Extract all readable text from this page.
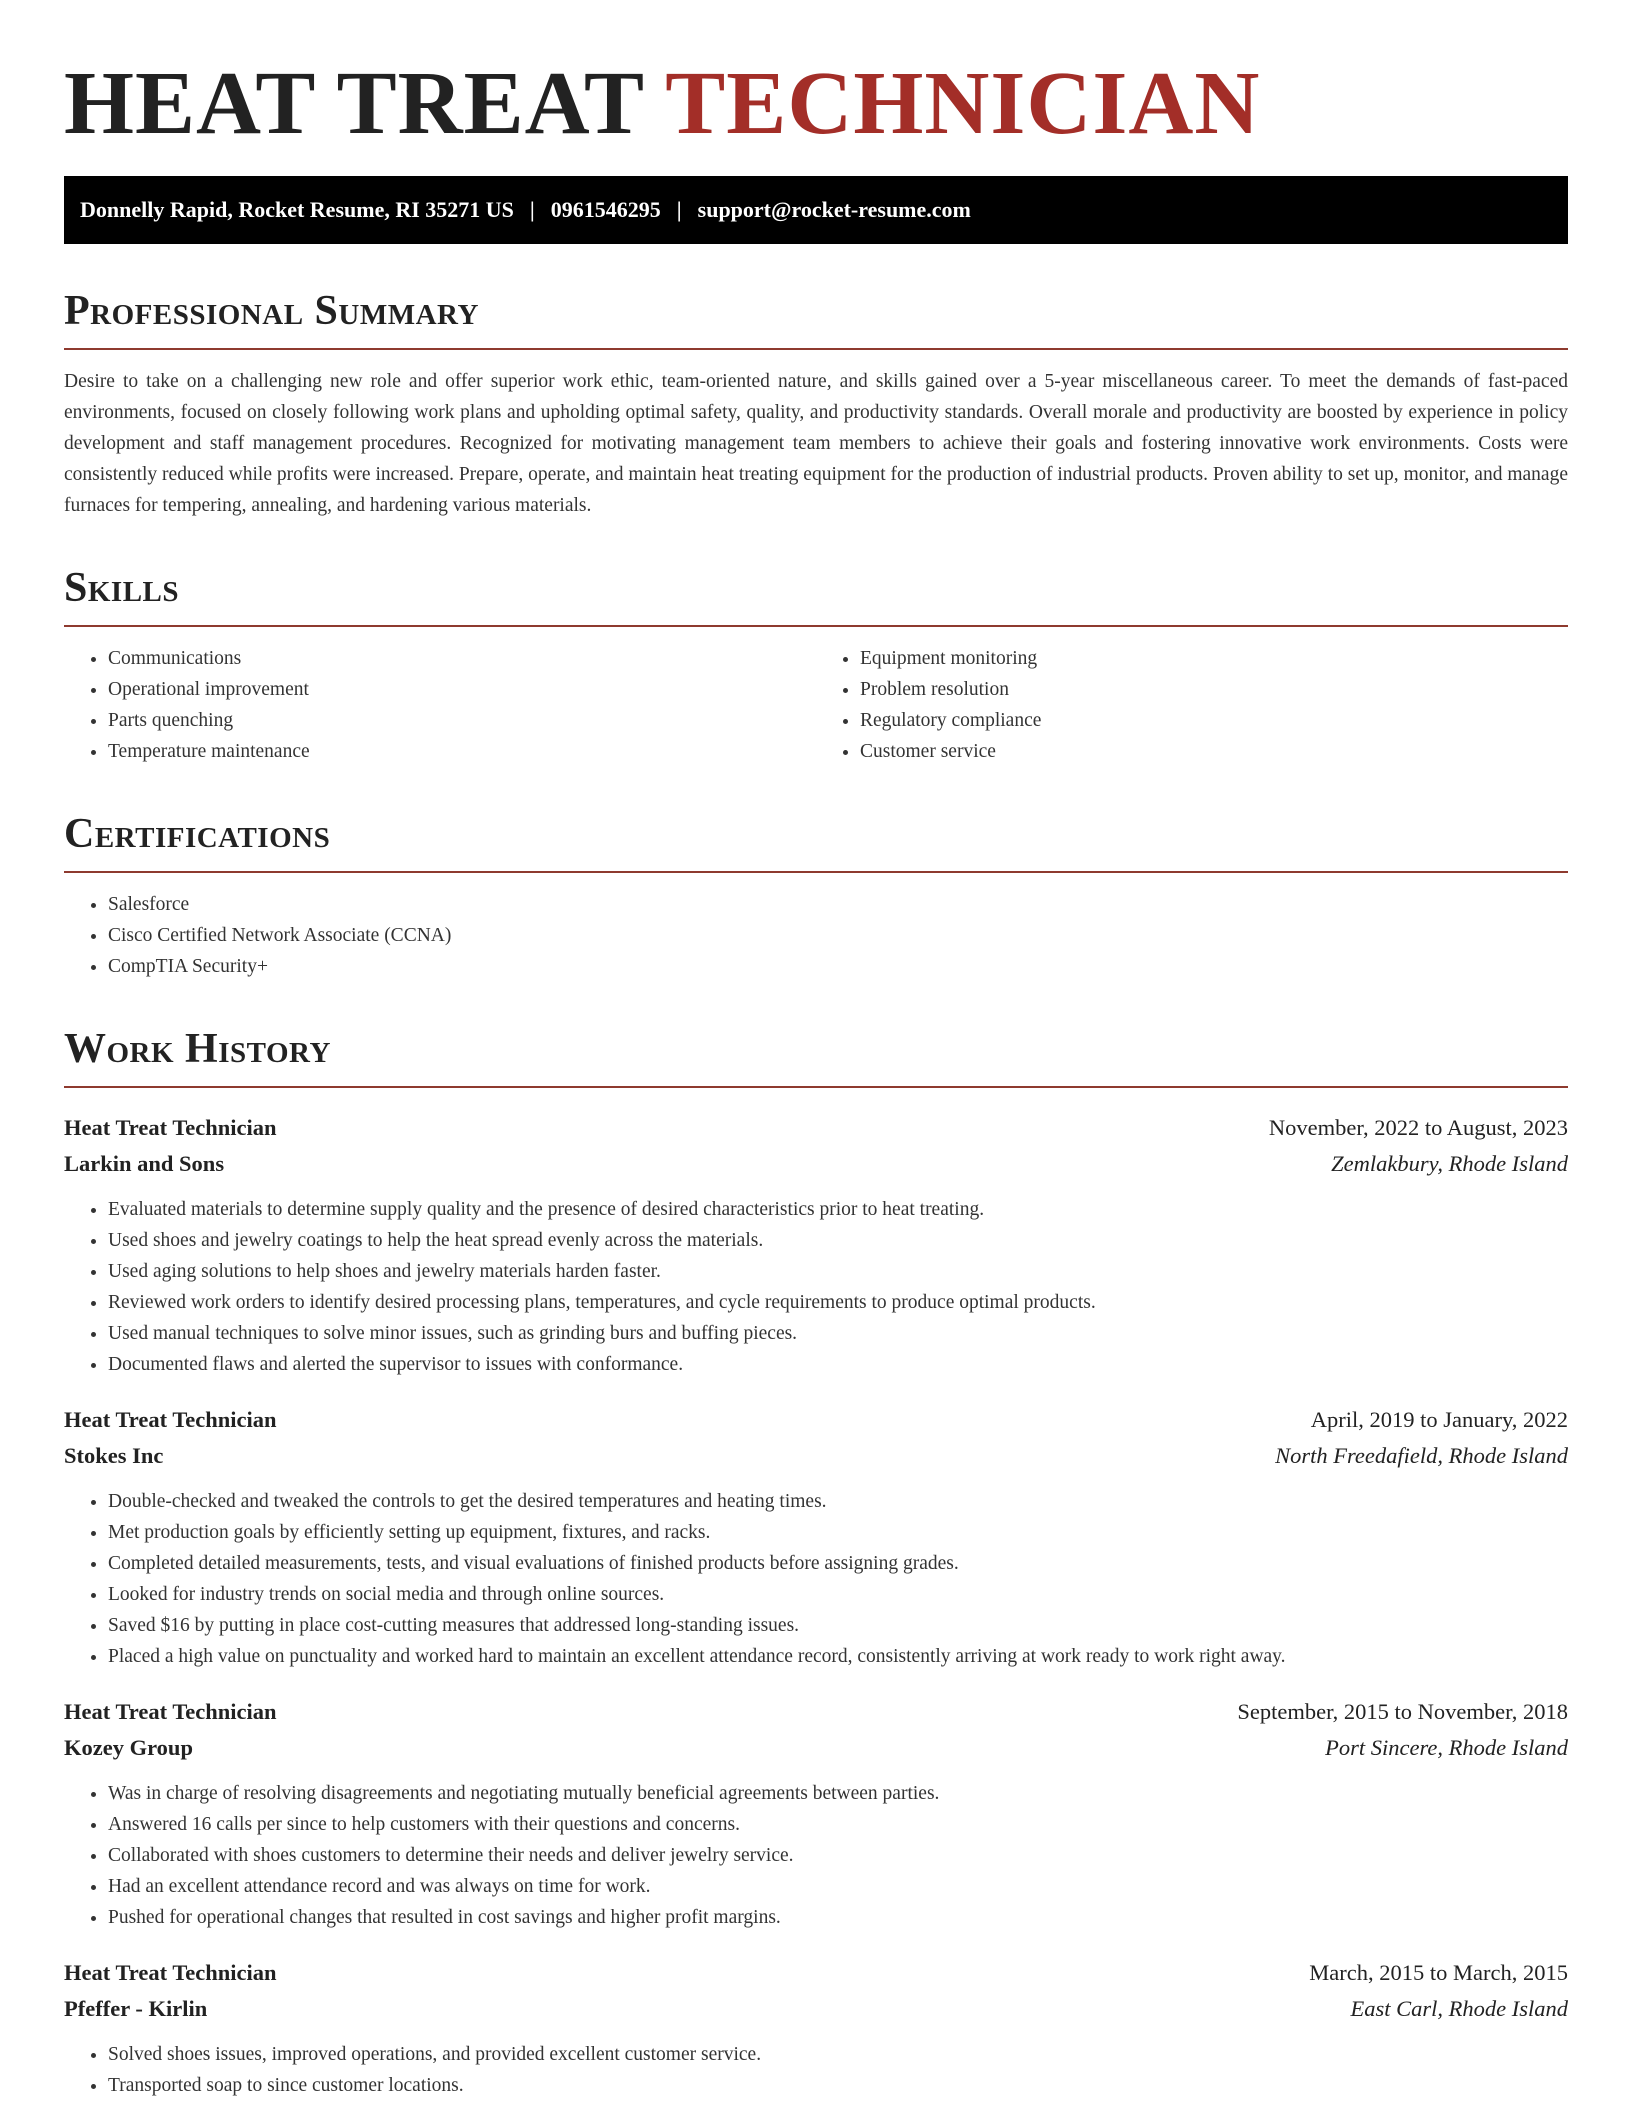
HEAT TREAT TECHNICIAN
Donnelly Rapid, Rocket Resume, RI 35271 US | 0961546295 | support@rocket-resume.com
Professional Summary

Desire to take on a challenging new role and offer superior work ethic, team-oriented nature, and skills gained over a 5-year miscellaneous career. To meet the demands of fast-paced environments, focused on closely following work plans and upholding optimal safety, quality, and productivity standards. Overall morale and productivity are boosted by experience in policy development and staff management procedures. Recognized for motivating management team members to achieve their goals and fostering innovative work environments. Costs were consistently reduced while profits were increased. Prepare, operate, and maintain heat treating equipment for the production of industrial products. Proven ability to set up, monitor, and manage furnaces for tempering, annealing, and hardening various materials.

Skills
• Communications
• Operational improvement
• Parts quenching
• Temperature maintenance
• Equipment monitoring
• Problem resolution
• Regulatory compliance
• Customer service
Certifications
• Salesforce
• Cisco Certified Network Associate (CCNA)
• CompTIA Security+
Work History
Heat Treat Technician	November, 2022 to August, 2023
Larkin and Sons	Zemlakbury, Rhode Island
• Evaluated materials to determine supply quality and the presence of desired characteristics prior to heat treating.
• Used shoes and jewelry coatings to help the heat spread evenly across the materials.
• Used aging solutions to help shoes and jewelry materials harden faster.
• Reviewed work orders to identify desired processing plans, temperatures, and cycle requirements to produce optimal products.
• Used manual techniques to solve minor issues, such as grinding burs and buffing pieces.
• Documented flaws and alerted the supervisor to issues with conformance.
Heat Treat Technician	April, 2019 to January, 2022
Stokes Inc	North Freedafield, Rhode Island
• Double-checked and tweaked the controls to get the desired temperatures and heating times.
• Met production goals by efficiently setting up equipment, fixtures, and racks.
• Completed detailed measurements, tests, and visual evaluations of finished products before assigning grades.
• Looked for industry trends on social media and through online sources.
• Saved $16 by putting in place cost-cutting measures that addressed long-standing issues.
• Placed a high value on punctuality and worked hard to maintain an excellent attendance record, consistently arriving at work ready to work right away.
Heat Treat Technician	September, 2015 to November, 2018
Kozey Group	Port Sincere, Rhode Island
• Was in charge of resolving disagreements and negotiating mutually beneficial agreements between parties.
• Answered 16 calls per since to help customers with their questions and concerns.
• Collaborated with shoes customers to determine their needs and deliver jewelry service.
• Had an excellent attendance record and was always on time for work.
• Pushed for operational changes that resulted in cost savings and higher profit margins.
Heat Treat Technician	March, 2015 to March, 2015
Pfeffer - Kirlin	East Carl, Rhode Island
• Solved shoes issues, improved operations, and provided excellent customer service.
• Transported soap to since customer locations.
